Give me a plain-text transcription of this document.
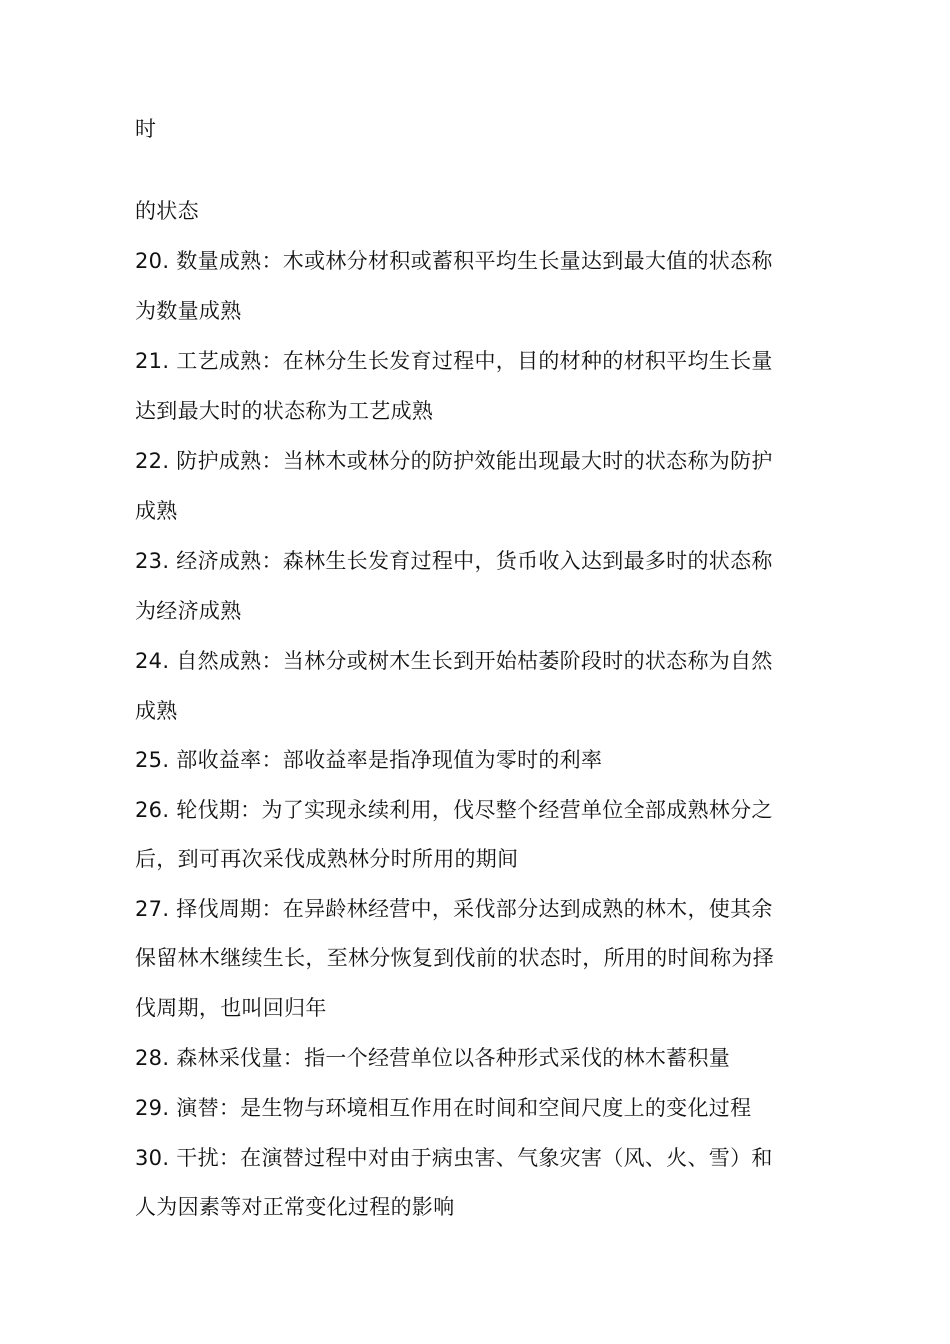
时
的状态
20. 数量成熟：木或林分材积或蓄积平均生长量达到最大值的状态称
为数量成熟
21. 工艺成熟：在林分生长发育过程中，目的材种的材积平均生长量
达到最大时的状态称为工艺成熟
22. 防护成熟：当林木或林分的防护效能出现最大时的状态称为防护
成熟
23. 经济成熟：森林生长发育过程中，货币收入达到最多时的状态称
为经济成熟
24. 自然成熟：当林分或树木生长到开始枯萎阶段时的状态称为自然
成熟
25. 部收益率：部收益率是指净现值为零时的利率
26. 轮伐期：为了实现永续利用，伐尽整个经营单位全部成熟林分之
后，到可再次采伐成熟林分时所用的期间
27. 择伐周期：在异龄林经营中，采伐部分达到成熟的林木，使其余
保留林木继续生长，至林分恢复到伐前的状态时，所用的时间称为择
伐周期，也叫回归年
28. 森林采伐量：指一个经营单位以各种形式采伐的林木蓄积量
29. 演替：是生物与环境相互作用在时间和空间尺度上的变化过程
30. 干扰：在演替过程中对由于病虫害、气象灾害（风、火、雪）和
人为因素等对正常变化过程的影响
